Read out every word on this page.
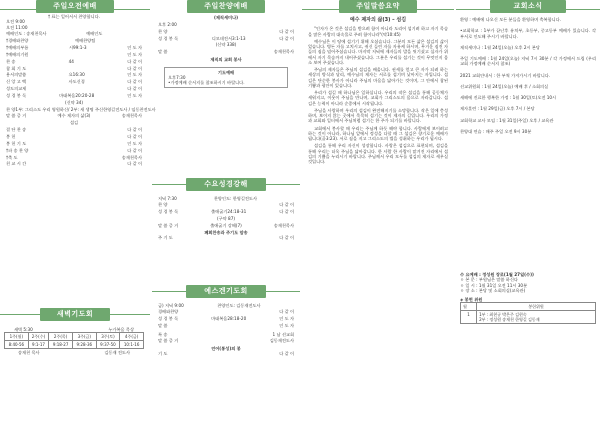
주일오전예배
† 표는 일어서서 찬양합니다.
오전 9:00
오전 11:00
예배인도 : 송재천목사	예배인도
†경배와찬양	예배찬양팀
†예배의부름	시99:1-3	인 도 자
†예배의기원	인 도 자
찬 송	44	다 같 이
참 회 기 도	다 같 이
용서의말씀	요16:30	인 도 자
신 앙 고 백	사도신경	다 같 이
성도의교제	다 같 이
성 경 봉 독	마태복음20:20-28	인 도 자
(신약 34)
찬 양 1부: 그리스도 우리 영원하신/ 2부: 새 생명 주신 한영길전도사 / 임동찬전도사
말 씀 증 거	예수 제자의 삶(3)	송재천목사
섬김
결 단 찬 송	다 같 이
봉 헌	다 같 이
봉 헌 기 도	인 도 자
†파 송 찬 양	다 같 이
†축 도	송재천목사
친 교 시 간	다 같 이
새벽기도회
새벽 5:30	누가복음 묵상
1주(월)	2주(수)	2주(목)	3주(금)	3주(토)	4주(금)
8:40-56	9:1-17	9:18-27	9:28-36	9:37-50	10:1-16
송재천 목사	김동재 전도사
주일찬양예배
(제직세미나)
오후 2:00
찬 양	다 같 이
성 경 봉 독	디모데전서3:1-13	다 같 이
(신약 338)
말 씀	송재천목사
제직의 교회 봉사
기도예배
오후7:30
•가정예배 순서지를 참조하시기 바랍니다.
수요성경강해
저녁 7:30	찬양인도: 한영길전도사
찬 양	다 같 이
성 경 봉 독	출애굽기24:18-31	다 같 이
(구약 87)
말 씀 증 거	출애굽기 강해(7)	송재천목사
폐회찬송과 주기도 암송
주 기 도	다 같 이
예스겐기도회
금) 저녁 9:00	찬양인도: 김동재전도사
경배와찬양	다 같 이
성 경 봉 독	마태복음28:18-20	인 도 자
말 씀	인 도 자
특 송	1 남 선교회
말 씀 증 거	김동재전도사
언어(통성)의 봉
기 도	다 같 이
주일말씀요약
예수 제자의 삶(3) – 섬김

"인자가 온 것은 섬김을 받으려 함이 아니라 도리어 섬기려 하고 자기 목숨을 많은 사람의 대속물로 주려 함이니라"(막10:45)

예수님은 이 땅에 섬기기 위해 오셨습니다. 그분의 모든 삶은 섬김의 삶이었습니다. 병든 자를 고치시고, 귀신 들린 자를 자유케 하시며, 무거운 짐진 자들의 짐을 덜어주셨습니다. 마지막 저녁에 제자들의 발을 씻기셨고 십자가 위에서 자기 목숨까지 내어주셨습니다. 그분은 우리를 섬기는 것이 무엇인지 몸소 보여 주셨습니다.

주님의 제자들은 주님의 섬김을 배웁니다. 권세를 얻고 큰 자가 되려 하는 세상의 방식과 달리, 예수님의 제자는 서로를 섬기며 낮아지는 자입니다. 섬김은 단순한 봉사가 아니라 주님의 마음을 닮아가는 것이며, 그 안에서 참된 기쁨과 평안이 있습니다.

우리가 섬길 때 하나님은 일하십니다. 우리의 작은 섬김을 통해 공동체가 세워지고, 이웃이 주님을 만나며, 교회가 그리스도의 몸으로 자라갑니다. 섬김은 능력이 아니라 순종에서 시작됩니다.

주님을 사랑하며 우리의 섬김이 완전해지기를 소망합니다. 작은 일에 충성하며, 보이지 않는 곳에서 묵묵히 섬기는 것이 제자의 길입니다. 우리의 가정과 교회와 일터에서 주님처럼 섬기는 한 주가 되기를 바랍니다.

교회에서 봉사할 때 우리는 주님께 하듯 해야 합니다. 사람에게 보이려고 하는 것이 아니라, 하나님 앞에서 정성을 다할 때 그 섬김은 향기로운 예배가 됩니다(골3:23). 서로 짐을 지고 그리스도의 법을 성취하는 우리가 됩시다.

섬김을 통해 우리 자신이 성장합니다. 사랑은 섬김으로 표현되며, 섬김을 통해 우리는 더욱 주님을 닮아갑니다. 한 사람 한 사람이 맡겨진 자리에서 섬김의 기쁨을 누리시기 바랍니다. 주님께서 우리 모두를 섬김의 제자로 세우실 것입니다.

교회소식
환영 : 예배에 나오신 모든 분들을 환영하며 축복합니다.
•교회학교 : 1부가 끝난후 유치부, 초등부, 중고등부 예배가 있습니다. 각 부서로 인도해 주시기 바랍니다.
제직세미나 : 1월 24일(오늘) 오후 2시 본당
주일 기도예배 : 1월 24일(오늘) 저녁 7시 30분 / 각 가정에서 드림 (우리 교회 가정예배 순서지 참조)
2021 교회안내서 : 한 부씩 가져가시기 바랍니다.
선교위원회 : 1월 24일(오늘) 예배 후 / 소회의실
새해에 진료한 행복한 가정 : 1월 30일(토)오전 10시
제자훈련 : 1월 29일(금) 오후 7시 / 본당
교회학교 교사 모임 : 1월 31일(주일) 오후 / 교육관
찬양대 연습 : 매주 주일 오전 9시 30분
수 요예배 : 정성원 장로(1월 27일(수))
ㅇ 본 문 : 부원님은 말씀 하신다
ㅇ 일 시 : 1월 31일 오전 11시 30분
ㅇ 장 소 : 본당 및 소회의실(교육관)
◈ 봉헌 위원
월	봉헌위원
1	1부 : 최현규 박은주 김현숙
2부 : 정성원 송재천 한영길 김동재
